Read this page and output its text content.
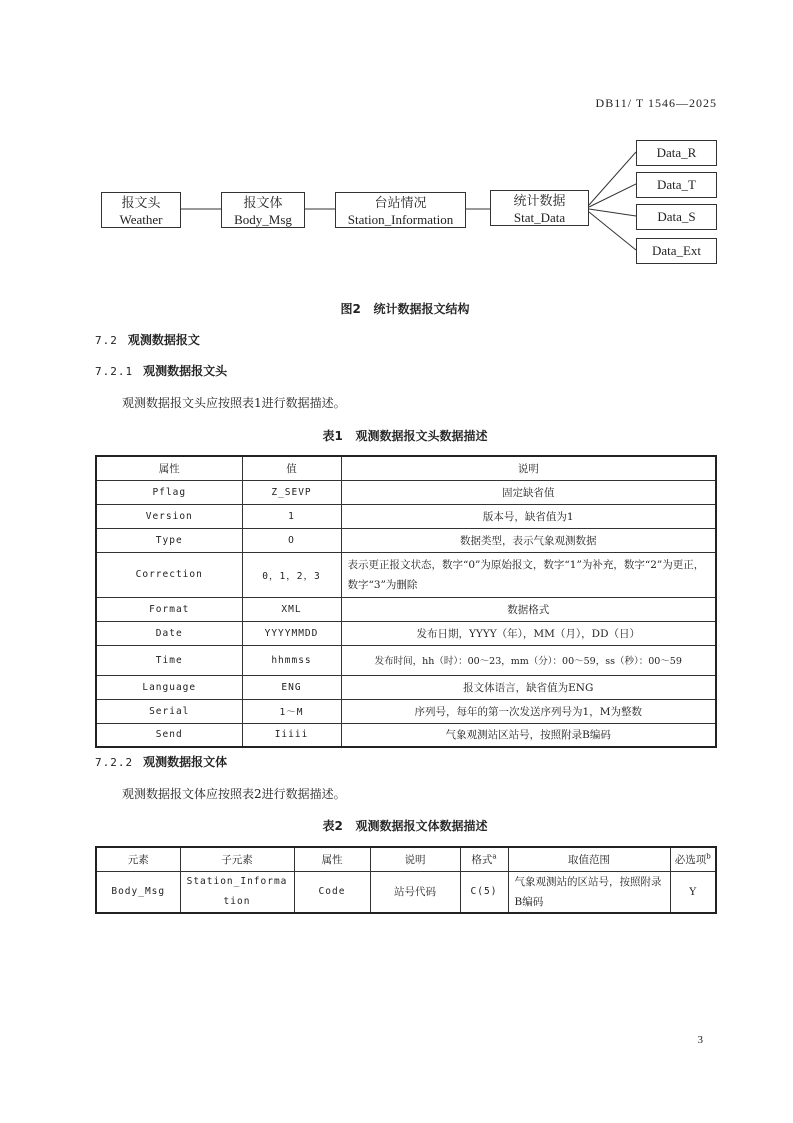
DB11/ T 1546—2025
报文头
Weather
报文体
Body_Msg
台站情况
Station_Information
统计数据
Stat_Data
Data_R
Data_T
Data_S
Data_Ext
图2 统计数据报文结构
7.2 观测数据报文
7.2.1 观测数据报文头
观测数据报文头应按照表1进行数据描述。
表1 观测数据报文头数据描述
属性	值	说明
Pflag	Z_SEVP	固定缺省值
Version	1	版本号，缺省值为1
Type	O	数据类型，表示气象观测数据
Correction	0，1，2，3	表示更正报文状态，数字“0”为原始报文，数字“1”为补充，数字“2”为更正，数字“3”为删除
Format	XML	数据格式
Date	YYYYMMDD	发布日期，YYYY（年），MM（月），DD（日）
Time	hhmmss	发布时间，hh（时）：00～23，mm（分）：00～59，ss（秒）：00～59
Language	ENG	报文体语言，缺省值为ENG
Serial	1～M	序列号，每年的第一次发送序列号为1，M为整数
Send	Iiiii	气象观测站区站号，按照附录B编码
7.2.2 观测数据报文体
观测数据报文体应按照表2进行数据描述。
表2 观测数据报文体数据描述
元素	子元素	属性	说明	格式$^a$	取值范围	必选项$^b$
Body_Msg	Station_Information	Code	站号代码	C(5)	气象观测站的区站号，按照附录B编码	Y
3
